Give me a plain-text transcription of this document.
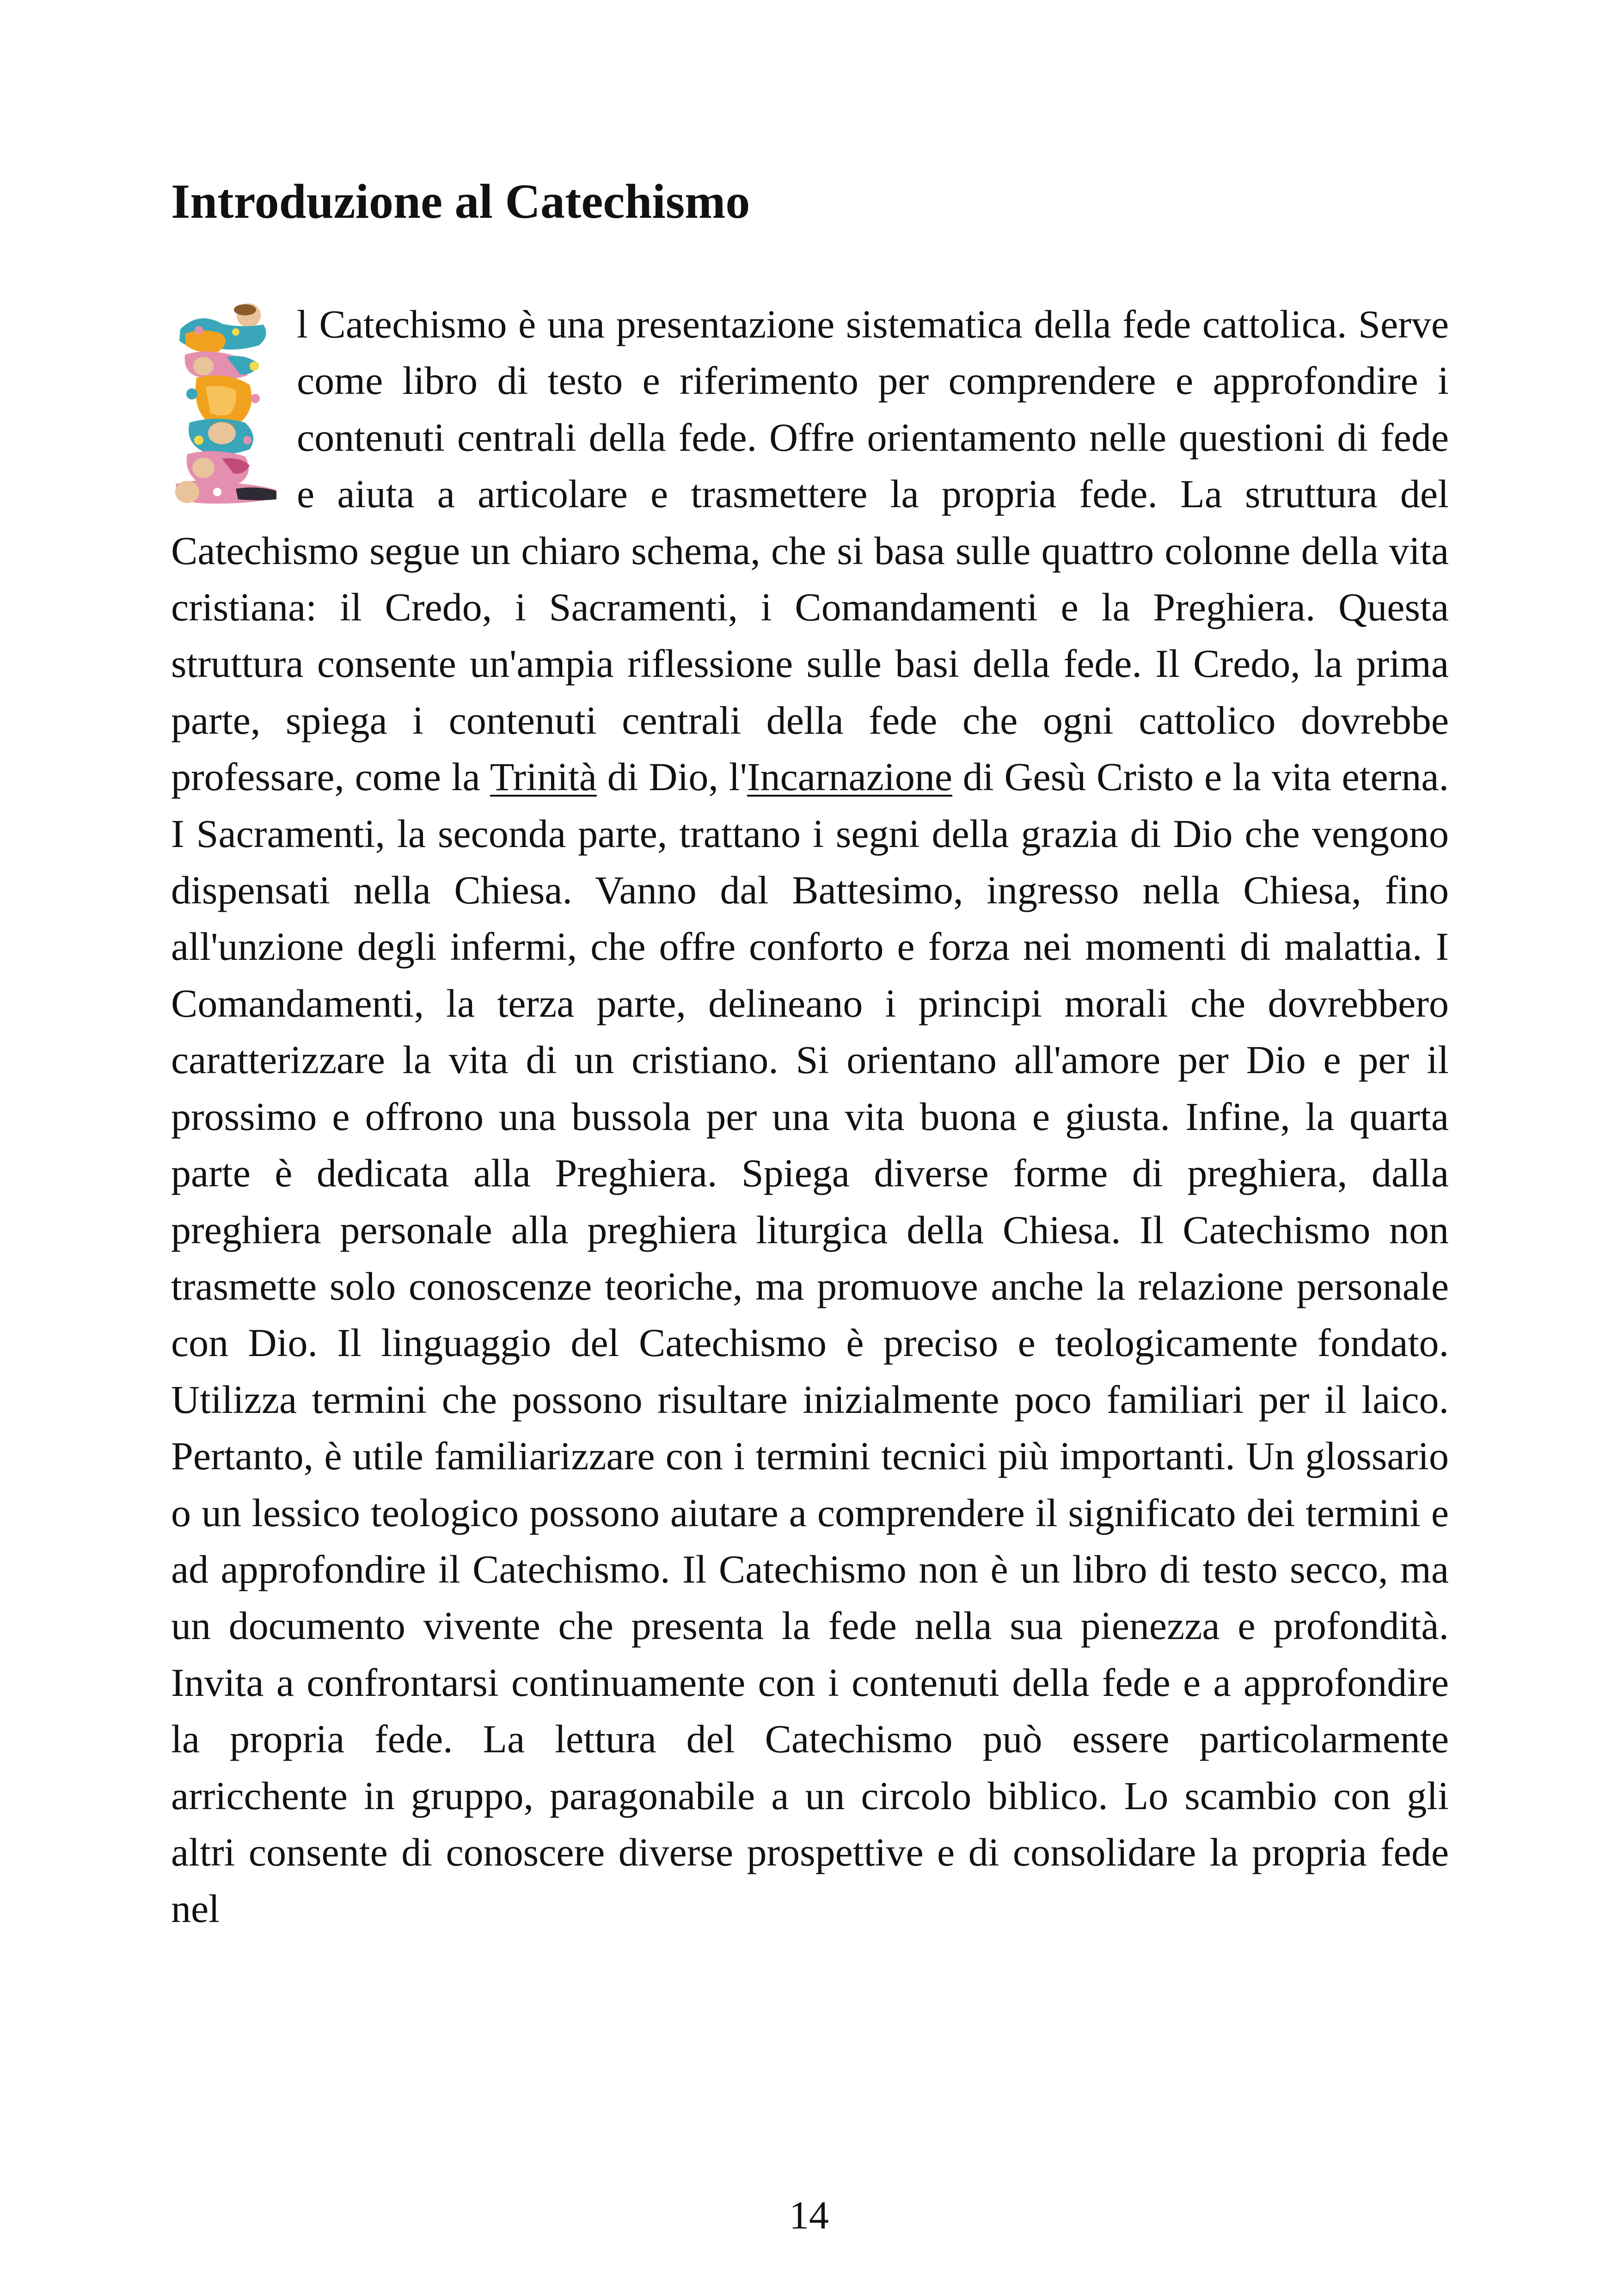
Introduzione al Catechismo

l Catechismo è una presentazione sistematica della fede cattolica. Serve come libro di testo e riferimento per comprendere e approfondire i contenuti centrali della fede. Offre orientamento nelle questioni di fede e aiuta a articolare e trasmettere la propria fede. La struttura del Catechismo segue un chiaro schema, che si basa sulle quattro colonne della vita cristiana: il Credo, i Sacramenti, i Comandamenti e la Preghiera. Questa struttura consente un'ampia riflessione sulle basi della fede. Il Credo, la prima parte, spiega i contenuti centrali della fede che ogni cattolico dovrebbe professare, come la Trinità di Dio, l'Incarnazione di Gesù Cristo e la vita eterna. I Sacramenti, la seconda parte, trattano i segni della grazia di Dio che vengono dispensati nella Chiesa. Vanno dal Battesimo, ingresso nella Chiesa, fino all'unzione degli infermi, che offre conforto e forza nei momenti di malattia. I Comandamenti, la terza parte, delineano i principi morali che dovrebbero caratterizzare la vita di un cristiano. Si orientano all'amore per Dio e per il prossimo e offrono una bussola per una vita buona e giusta. Infine, la quarta parte è dedicata alla Preghiera. Spiega diverse forme di preghiera, dalla preghiera personale alla preghiera liturgica della Chiesa. Il Catechismo non trasmette solo conoscenze teoriche, ma promuove anche la relazione personale con Dio. Il linguaggio del Catechismo è preciso e teologicamente fondato. Utilizza termini che possono risultare inizialmente poco familiari per il laico. Pertanto, è utile familiarizzare con i termini tecnici più importanti. Un glossario o un lessico teologico possono aiutare a comprendere il significato dei termini e ad approfondire il Catechismo. Il Catechismo non è un libro di testo secco, ma un documento vivente che presenta la fede nella sua pienezza e profondità. Invita a confrontarsi continuamente con i contenuti della fede e a approfondire la propria fede. La lettura del Catechismo può essere particolarmente arricchente in gruppo, paragonabile a un circolo biblico. Lo scambio con gli altri consente di conoscere diverse prospettive e di consolidare la propria fede nel

14
